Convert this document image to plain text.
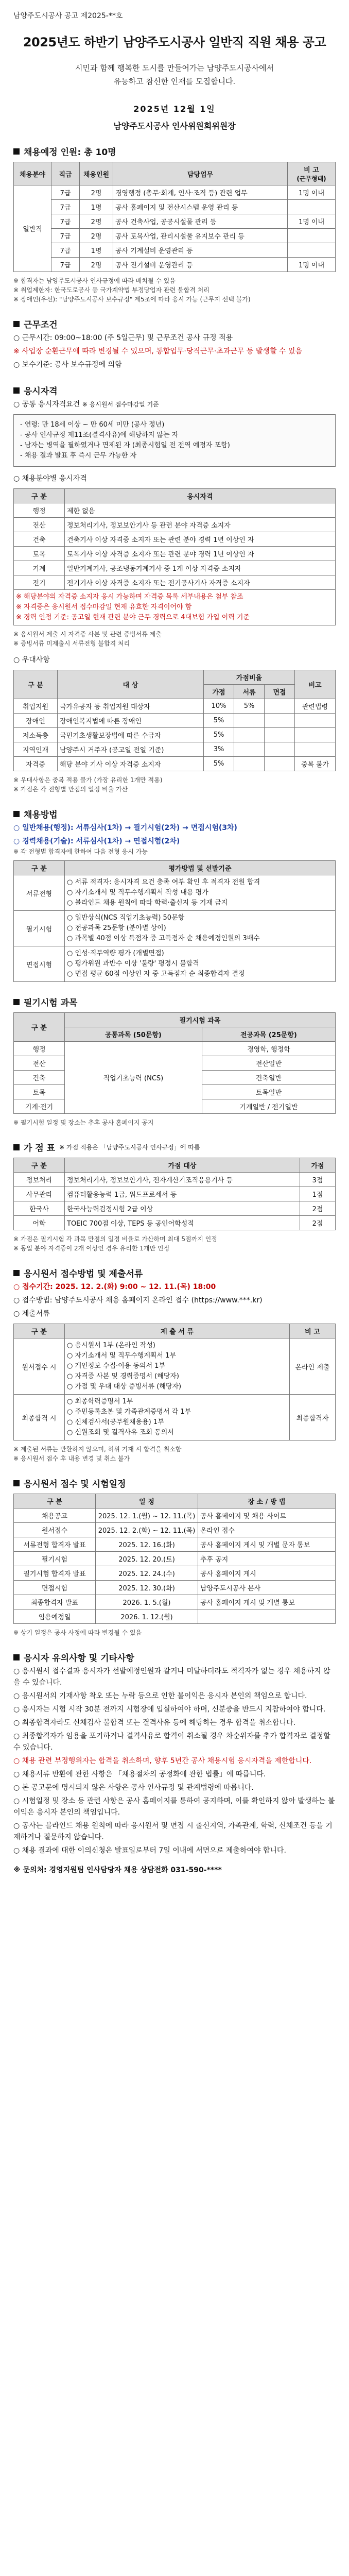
남양주도시공사 공고 제2025-**호
2025년도 하반기 남양주도시공사 일반직 직원 채용 공고
시민과 함께 행복한 도시를 만들어가는 남양주도시공사에서
유능하고 참신한 인재를 모집합니다.
2025년 12월 1일
남양주도시공사 인사위원회위원장
채용예정 인원: 총 10명
채용분야	직급	채용인원	담당업무	비 고
(근무형태)
일반직	7급	2명	경영행정 (총무·회계, 인사·조직 등) 관련 업무	1명 이내
	7급	1명	공사 홈페이지 및 전산시스템 운영 관리 등	
	7급	2명	공사 건축사업, 공공시설물 관리 등	1명 이내
	7급	2명	공사 토목사업, 관리시설물 유지보수 관리 등	
	7급	1명	공사 기계설비 운영관리 등	
	7급	2명	공사 전기설비 운영관리 등	1명 이내
※ 합격자는 남양주도시공사 인사규정에 따라 배치될 수 있음
※ 취업제한자: 한국도로공사 등 국가계약법 부정당업자 관련 불합격 처리
※ 장애인(우선): "남양주도시공사 보수규정" 제5조에 따라 응시 가능 (근무지 선택 불가)
근무조건
○ 근무시간: 09:00~18:00 (주 5일근무) 및 근무조건 공사 규정 적용
※ 사업장 순환근무에 따라 변경될 수 있으며, 통합업무·당직근무·초과근무 등 발생할 수 있음
○ 보수기준: 공사 보수규정에 의함
응시자격
○ 공통 응시자격요건 ※ 응시원서 접수마감일 기준
- 연령: 만 18세 이상 ~ 만 60세 미만 (공사 정년)
- 공사 인사규정 제11조(결격사유)에 해당하지 않는 자
- 남자는 병역을 필하였거나 면제된 자 (최종시험일 전 전역 예정자 포함)
- 채용 결과 발표 후 즉시 근무 가능한 자
○ 채용분야별 응시자격
구 분	응시자격
행정	제한 없음
전산	정보처리기사, 정보보안기사 등 관련 분야 자격증 소지자
건축	건축기사 이상 자격증 소지자 또는 관련 분야 경력 1년 이상인 자
토목	토목기사 이상 자격증 소지자 또는 관련 분야 경력 1년 이상인 자
기계	일반기계기사, 공조냉동기계기사 중 1개 이상 자격증 소지자
전기	전기기사 이상 자격증 소지자 또는 전기공사기사 자격증 소지자

※ 해당분야의 자격증 소지자 응시 가능하며 자격증 목록 세부내용은 첨부 참조
※ 자격증은 응시원서 접수마감일 현재 유효한 자격이어야 함
※ 경력 인정 기준: 공고일 현재 관련 분야 근무 경력으로 4대보험 가입 이력 기준	
※ 응시원서 제출 시 자격증 사본 및 관련 증빙서류 제출
※ 증빙서류 미제출시 서류전형 불합격 처리
○ 우대사항
구 분	대 상	가점비율			비고
		가점	서류	면접	
취업지원	국가유공자 등 취업지원 대상자	10%	5%		관련법령
장애인	장애인복지법에 따른 장애인	5%			
저소득층	국민기초생활보장법에 따른 수급자	5%			
지역인재	남양주시 거주자 (공고일 전일 기준)	3%			
자격증	해당 분야 기사 이상 자격증 소지자	5%			중복 불가
※ 우대사항은 중복 적용 불가 (가장 유리한 1개만 적용)
※ 가점은 각 전형별 만점의 일정 비율 가산
채용방법
○ 일반채용(행정): 서류심사(1차) → 필기시험(2차) → 면접시험(3차)
○ 경력채용(기술): 서류심사(1차) → 면접시험(2차)
※ 각 전형별 합격자에 한하여 다음 전형 응시 가능
구 분	평가방법 및 선발기준
서류전형	○ 서류 적격자: 응시자격 요건 충족 여부 확인 후 적격자 전원 합격
○ 자기소개서 및 직무수행계획서 작성 내용 평가
○ 블라인드 채용 원칙에 따라 학력·출신지 등 기재 금지

필기시험	○ 일반상식(NCS 직업기초능력) 50문항
○ 전공과목 25문항 (분야별 상이)
○ 과목별 40점 이상 득점자 중 고득점자 순 채용예정인원의 3배수

면접시험	○ 인성·직무역량 평가 (개별면접)
○ 평가위원 과반수 이상 '불량' 평정시 불합격
○ 면접 평균 60점 이상인 자 중 고득점자 순 최종합격자 결정
필기시험 과목
구 분	필기시험 과목	
	공통과목 (50문항)	전공과목 (25문항)
행정	직업기초능력 (NCS)	경영학, 행정학
전산		전산일반
건축		건축일반
토목		토목일반
기계·전기		기계일반 / 전기일반
※ 필기시험 일정 및 장소는 추후 공사 홈페이지 공지
가 점 표 ※ 가점 적용은 「남양주도시공사 인사규정」에 따름
구 분	가점 대상	가점
정보처리	정보처리기사, 정보보안기사, 전자계산기조직응용기사 등	3점
사무관리	컴퓨터활용능력 1급, 워드프로세서 등	1점
한국사	한국사능력검정시험 2급 이상	2점
어학	TOEIC 700점 이상, TEPS 등 공인어학성적	2점
※ 가점은 필기시험 각 과목 만점의 일정 비율로 가산하며 최대 5점까지 인정
※ 동일 분야 자격증이 2개 이상인 경우 유리한 1개만 인정
응시원서 접수방법 및 제출서류
○ 접수기간: 2025. 12. 2.(화) 9:00 ~ 12. 11.(목) 18:00
○ 접수방법: 남양주도시공사 채용 홈페이지 온라인 접수 (https://www.***.kr)
○ 제출서류
구 분	제 출 서 류	비 고
원서접수 시	○ 응시원서 1부 (온라인 작성)
○ 자기소개서 및 직무수행계획서 1부
○ 개인정보 수집·이용 동의서 1부
○ 자격증 사본 및 경력증명서 (해당자)
○ 가점 및 우대 대상 증빙서류 (해당자)	온라인 제출
최종합격 시	○ 최종학력증명서 1부
○ 주민등록초본 및 가족관계증명서 각 1부
○ 신체검사서(공무원채용용) 1부
○ 신원조회 및 결격사유 조회 동의서	최종합격자
※ 제출된 서류는 반환하지 않으며, 허위 기재 시 합격을 취소함
※ 응시원서 접수 후 내용 변경 및 취소 불가
응시원서 접수 및 시험일정
구 분	일 정	장 소 / 방 법
채용공고	2025. 12. 1.(월) ~ 12. 11.(목)	공사 홈페이지 및 채용 사이트
원서접수	2025. 12. 2.(화) ~ 12. 11.(목)	온라인 접수
서류전형 합격자 발표	2025. 12. 16.(화)	공사 홈페이지 게시 및 개별 문자 통보
필기시험	2025. 12. 20.(토)	추후 공지
필기시험 합격자 발표	2025. 12. 24.(수)	공사 홈페이지 게시
면접시험	2025. 12. 30.(화)	남양주도시공사 본사
최종합격자 발표	2026. 1. 5.(월)	공사 홈페이지 게시 및 개별 통보
임용예정일	2026. 1. 12.(월)	
※ 상기 일정은 공사 사정에 따라 변경될 수 있음
응시자 유의사항 및 기타사항
○ 응시원서 접수결과 응시자가 선발예정인원과 같거나 미달하더라도 적격자가 없는 경우 채용하지 않을 수 있습니다.
○ 응시원서의 기재사항 착오 또는 누락 등으로 인한 불이익은 응시자 본인의 책임으로 합니다.
○ 응시자는 시험 시작 30분 전까지 시험장에 입실하여야 하며, 신분증을 반드시 지참하여야 합니다.
○ 최종합격자라도 신체검사 불합격 또는 결격사유 등에 해당하는 경우 합격을 취소합니다.
○ 최종합격자가 임용을 포기하거나 결격사유로 합격이 취소될 경우 차순위자를 추가 합격자로 결정할 수 있습니다.
○ 채용 관련 부정행위자는 합격을 취소하며, 향후 5년간 공사 채용시험 응시자격을 제한합니다.
○ 채용서류 반환에 관한 사항은 「채용절차의 공정화에 관한 법률」에 따릅니다.
○ 본 공고문에 명시되지 않은 사항은 공사 인사규정 및 관계법령에 따릅니다.
○ 시험일정 및 장소 등 관련 사항은 공사 홈페이지를 통하여 공지하며, 이를 확인하지 않아 발생하는 불이익은 응시자 본인의 책임입니다.
○ 공사는 블라인드 채용 원칙에 따라 응시원서 및 면접 시 출신지역, 가족관계, 학력, 신체조건 등을 기재하거나 질문하지 않습니다.
○ 채용 결과에 대한 이의신청은 발표일로부터 7일 이내에 서면으로 제출하여야 합니다.
※ 문의처: 경영지원팀 인사담당자 채용 상담전화 031-590-****
